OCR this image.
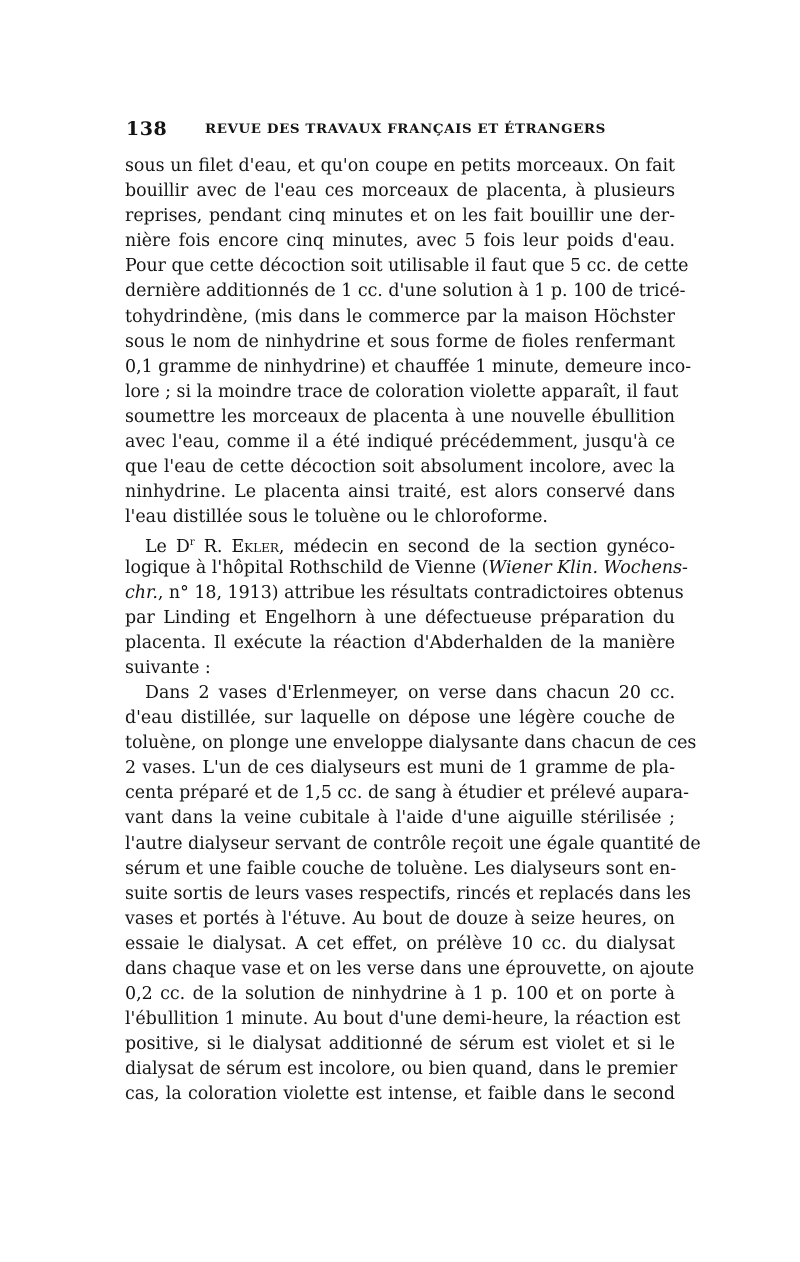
138	REVUE DES TRAVAUX FRANÇAIS ET ÉTRANGERS
sous un filet d'eau, et qu'on coupe en petits morceaux. On fait
bouillir avec de l'eau ces morceaux de placenta, à plusieurs
reprises, pendant cinq minutes et on les fait bouillir une der-
nière fois encore cinq minutes, avec 5 fois leur poids d'eau.
Pour que cette décoction soit utilisable il faut que 5 cc. de cette
dernière additionnés de 1 cc. d'une solution à 1 p. 100 de tricé-
tohydrindène, (mis dans le commerce par la maison Höchster
sous le nom de ninhydrine et sous forme de fioles renfermant
0,1 gramme de ninhydrine) et chauffée 1 minute, demeure inco-
lore ; si la moindre trace de coloration violette apparaît, il faut
soumettre les morceaux de placenta à une nouvelle ébullition
avec l'eau, comme il a été indiqué précédemment, jusqu'à ce
que l'eau de cette décoction soit absolument incolore, avec la
ninhydrine. Le placenta ainsi traité, est alors conservé dans
l'eau distillée sous le toluène ou le chloroforme.
Le $D^r$ R. Ekler, médecin en second de la section gynéco-
logique à l'hôpital Rothschild de Vienne (Wiener Klin. Wochens-
chr., n° 18, 1913) attribue les résultats contradictoires obtenus
par Linding et Engelhorn à une défectueuse préparation du
placenta. Il exécute la réaction d'Abderhalden de la manière
suivante :
Dans 2 vases d'Erlenmeyer, on verse dans chacun 20 cc.
d'eau distillée, sur laquelle on dépose une légère couche de
toluène, on plonge une enveloppe dialysante dans chacun de ces
2 vases. L'un de ces dialyseurs est muni de 1 gramme de pla-
centa préparé et de 1,5 cc. de sang à étudier et prélevé aupara-
vant dans la veine cubitale à l'aide d'une aiguille stérilisée ;
l'autre dialyseur servant de contrôle reçoit une égale quantité de
sérum et une faible couche de toluène. Les dialyseurs sont en-
suite sortis de leurs vases respectifs, rincés et replacés dans les
vases et portés à l'étuve. Au bout de douze à seize heures, on
essaie le dialysat. A cet effet, on prélève 10 cc. du dialysat
dans chaque vase et on les verse dans une éprouvette, on ajoute
0,2 cc. de la solution de ninhydrine à 1 p. 100 et on porte à
l'ébullition 1 minute. Au bout d'une demi-heure, la réaction est
positive, si le dialysat additionné de sérum est violet et si le
dialysat de sérum est incolore, ou bien quand, dans le premier
cas, la coloration violette est intense, et faible dans le second
